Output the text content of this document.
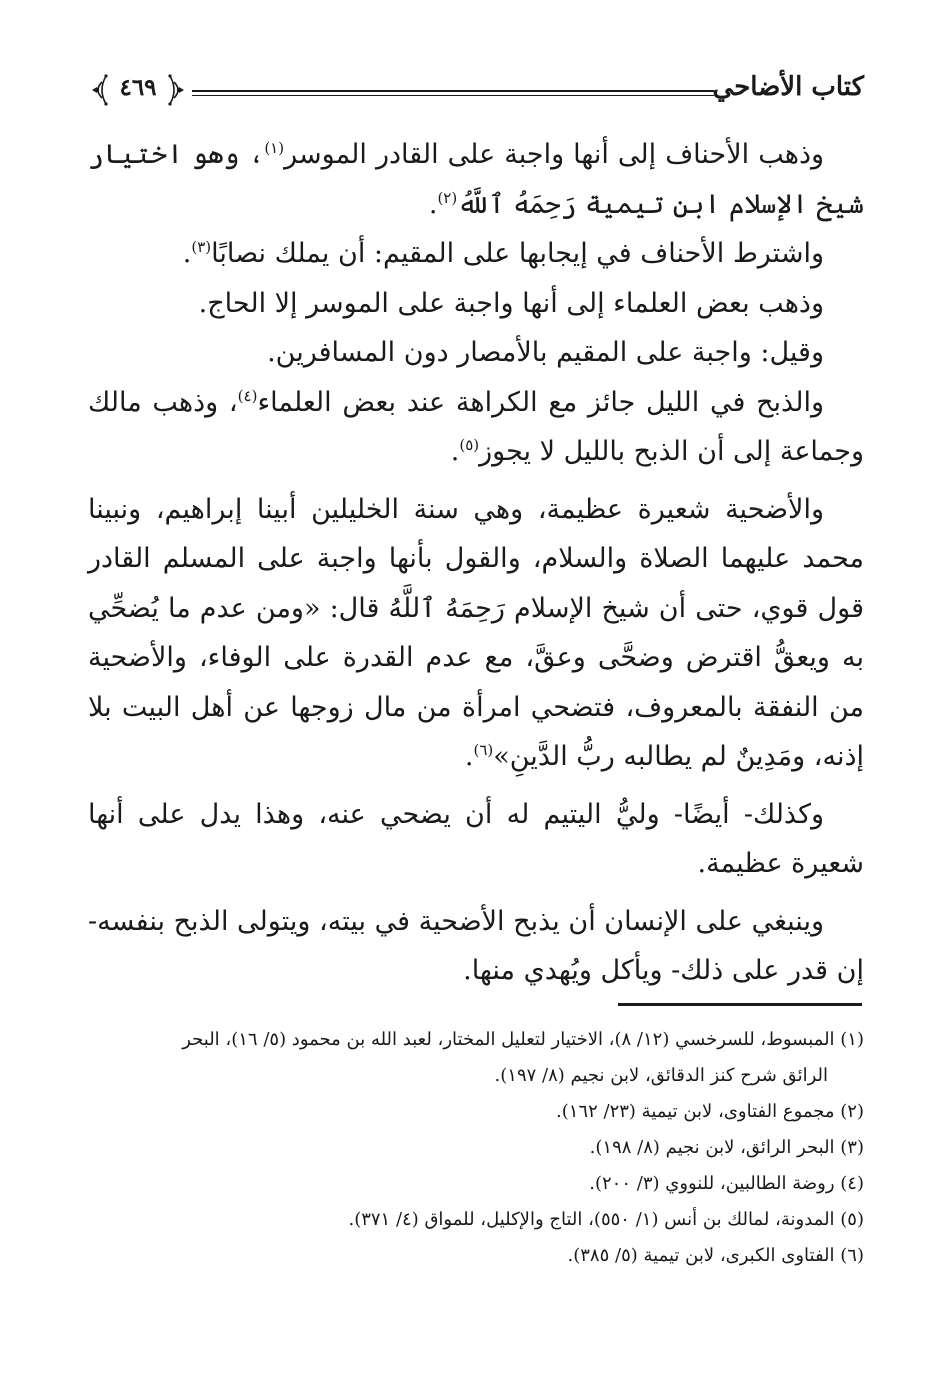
كتاب الأضاحي
٤٦٩

وذهب الأحناف إلى أنها واجبة على القادر الموسر$^{(١)}$، وهو اختيار شيخ الإسلام ابن تيمية رَحِمَهُ ٱللَّهُ$^{(٢)}$.

واشترط الأحناف في إيجابها على المقيم: أن يملك نصابًا$^{(٣)}$.

وذهب بعض العلماء إلى أنها واجبة على الموسر إلا الحاج.

وقيل: واجبة على المقيم بالأمصار دون المسافرين.

والذبح في الليل جائز مع الكراهة عند بعض العلماء$^{(٤)}$، وذهب مالك وجماعة إلى أن الذبح بالليل لا يجوز$^{(٥)}$.

والأضحية شعيرة عظيمة، وهي سنة الخليلين أبينا إبراهيم، ونبينا محمد عليهما الصلاة والسلام، والقول بأنها واجبة على المسلم القادر قول قوي، حتى أن شيخ الإسلام رَحِمَهُ ٱللَّهُ قال: «ومن عدم ما يُضحِّي به ويعقُّ اقترض وضحَّى وعقَّ، مع عدم القدرة على الوفاء، والأضحية من النفقة بالمعروف، فتضحي امرأة من مال زوجها عن أهل البيت بلا إذنه، ومَدِينٌ لم يطالبه ربُّ الدَّينِ»$^{(٦)}$.

وكذلك- أيضًا- وليُّ اليتيم له أن يضحي عنه، وهذا يدل على أنها شعيرة عظيمة.

وينبغي على الإنسان أن يذبح الأضحية في بيته، ويتولى الذبح بنفسه- إن قدر على ذلك- ويأكل ويُهدي منها.

(١) المبسوط، للسرخسي (١٢/ ٨)، الاختيار لتعليل المختار، لعبد الله بن محمود (٥/ ١٦)، البحر
الرائق شرح كنز الدقائق، لابن نجيم (٨/ ١٩٧).

(٢) مجموع الفتاوى، لابن تيمية (٢٣/ ١٦٢).

(٣) البحر الرائق، لابن نجيم (٨/ ١٩٨).

(٤) روضة الطالبين، للنووي (٣/ ٢٠٠).

(٥) المدونة، لمالك بن أنس (١/ ٥٥٠)، التاج والإكليل، للمواق (٤/ ٣٧١).

(٦) الفتاوى الكبرى، لابن تيمية (٥/ ٣٨٥).
